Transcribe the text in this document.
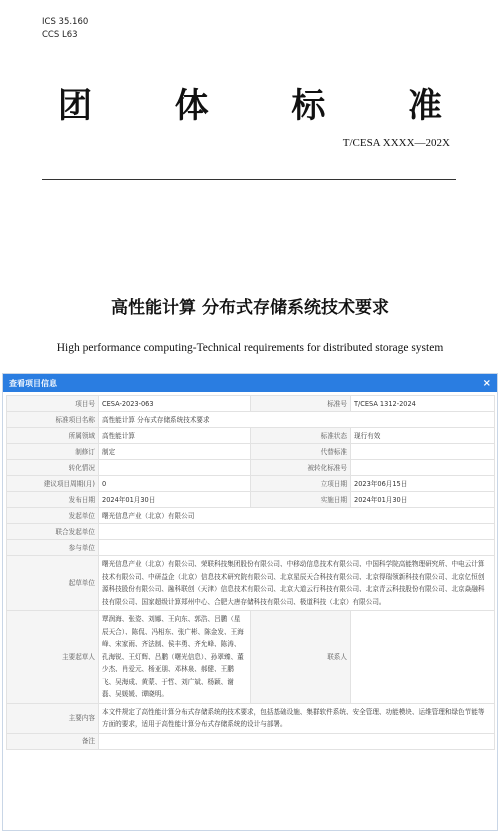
ICS 35.160
CCS L63
团 体 标 准
T/CESA XXXX—202X
高性能计算 分布式存储系统技术要求
High performance computing-Technical requirements for distributed storage system
查看项目信息	×
项目号	CESA-2023-063	标准号	T/CESA 1312-2024
标准项目名称	高性能计算 分布式存储系统技术要求		
所属领域	高性能计算	标准状态	现行有效
制修订	制定	代替标准	
转化情况		被转化标准号	
建议项目周期(月)	0	立项日期	2023年06月15日
发布日期	2024年01月30日	实施日期	2024年01月30日
发起单位	曙光信息产业（北京）有限公司		
联合发起单位			
参与单位			
起草单位	曙光信息产业（北京）有限公司、荣联科技集团股份有限公司、中移动信息技术有限公司、中国科学院高能物理研究所、中电云计算技术有限公司、中研益企（北京）信息技术研究院有限公司、北京星辰天合科技有限公司、北京得瑞领新科技有限公司、北京亿恒创源科技股份有限公司、融科联创（天津）信息技术有限公司、北京大道云行科技有限公司、北京青云科技股份有限公司、北京焱融科技有限公司、国家超级计算郑州中心、合肥大唐存储科技有限公司、极道科技（北京）有限公司。		
主要起草人	覃润海、张姿、刘娜、王向东、郭浩、吕鹏（星辰天合）、陈侃、冯相东、张广彬、陈金发、王海峰、宋家雨、齐法制、侯丰勇、齐允峰、陈涛、孔海锐、王灯辉、吕鹏（曙光信息）、孙翠臻、董少杰、肖爱元、杨亚朋、邓林泉、郝健、王鹏飞、吴海成、黄蒙、于哲、刘广斌、杨颖、谢磊、吴媛媛、谭晓明。	联系人	
主要内容	本文件规定了高性能计算分布式存储系统的技术要求，包括基础设施、集群软件系统、安全管理、功能模块、运维管理和绿色节能等方面的要求，适用于高性能计算分布式存储系统的设计与部署。		
备注			
